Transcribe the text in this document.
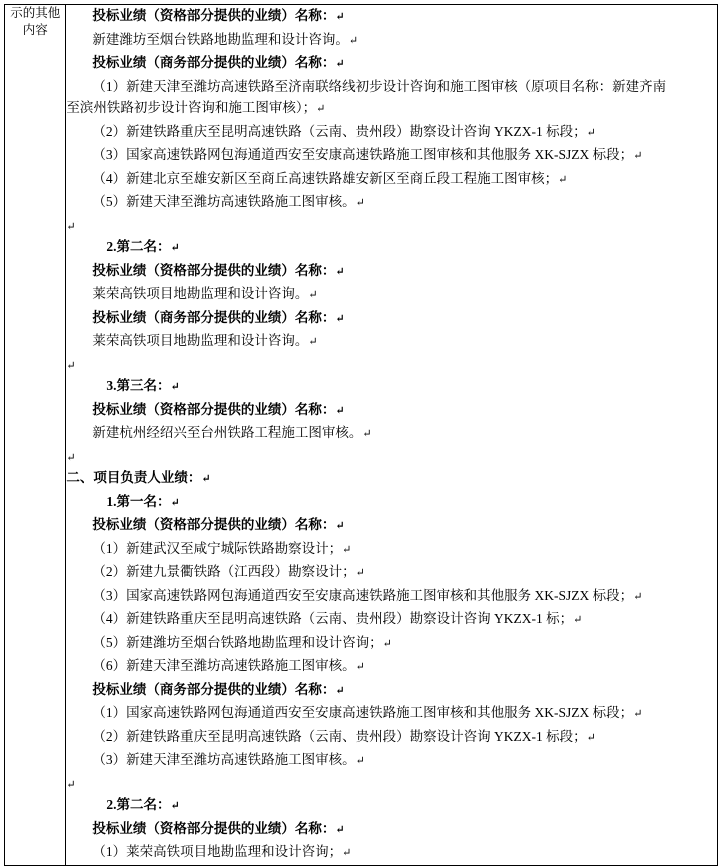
示的其他
内容

投标业绩（资格部分提供的业绩）名称：↵
新建潍坊至烟台铁路地勘监理和设计咨询。↵
投标业绩（商务部分提供的业绩）名称：↵
（1）新建天津至潍坊高速铁路至济南联络线初步设计咨询和施工图审核（原项目名称：新建齐南
至滨州铁路初步设计咨询和施工图审核）；↵
（2）新建铁路重庆至昆明高速铁路（云南、贵州段）勘察设计咨询 YKZX-1 标段；↵
（3）国家高速铁路网包海通道西安至安康高速铁路施工图审核和其他服务 XK-SJZX 标段；↵
（4）新建北京至雄安新区至商丘高速铁路雄安新区至商丘段工程施工图审核；↵
（5）新建天津至潍坊高速铁路施工图审核。↵
↵
2.第二名：↵
投标业绩（资格部分提供的业绩）名称：↵
莱荣高铁项目地勘监理和设计咨询。↵
投标业绩（商务部分提供的业绩）名称：↵
莱荣高铁项目地勘监理和设计咨询。↵
↵
3.第三名：↵
投标业绩（资格部分提供的业绩）名称：↵
新建杭州经绍兴至台州铁路工程施工图审核。↵
↵
二、项目负责人业绩：↵
1.第一名：↵
投标业绩（资格部分提供的业绩）名称：↵
（1）新建武汉至咸宁城际铁路勘察设计；↵
（2）新建九景衢铁路（江西段）勘察设计；↵
（3）国家高速铁路网包海通道西安至安康高速铁路施工图审核和其他服务 XK-SJZX 标段；↵
（4）新建铁路重庆至昆明高速铁路（云南、贵州段）勘察设计咨询 YKZX-1 标；↵
（5）新建潍坊至烟台铁路地勘监理和设计咨询；↵
（6）新建天津至潍坊高速铁路施工图审核。↵
投标业绩（商务部分提供的业绩）名称：↵
（1）国家高速铁路网包海通道西安至安康高速铁路施工图审核和其他服务 XK-SJZX 标段；↵
（2）新建铁路重庆至昆明高速铁路（云南、贵州段）勘察设计咨询 YKZX-1 标段；↵
（3）新建天津至潍坊高速铁路施工图审核。↵
↵
2.第二名：↵
投标业绩（资格部分提供的业绩）名称：↵
（1）莱荣高铁项目地勘监理和设计咨询；↵
